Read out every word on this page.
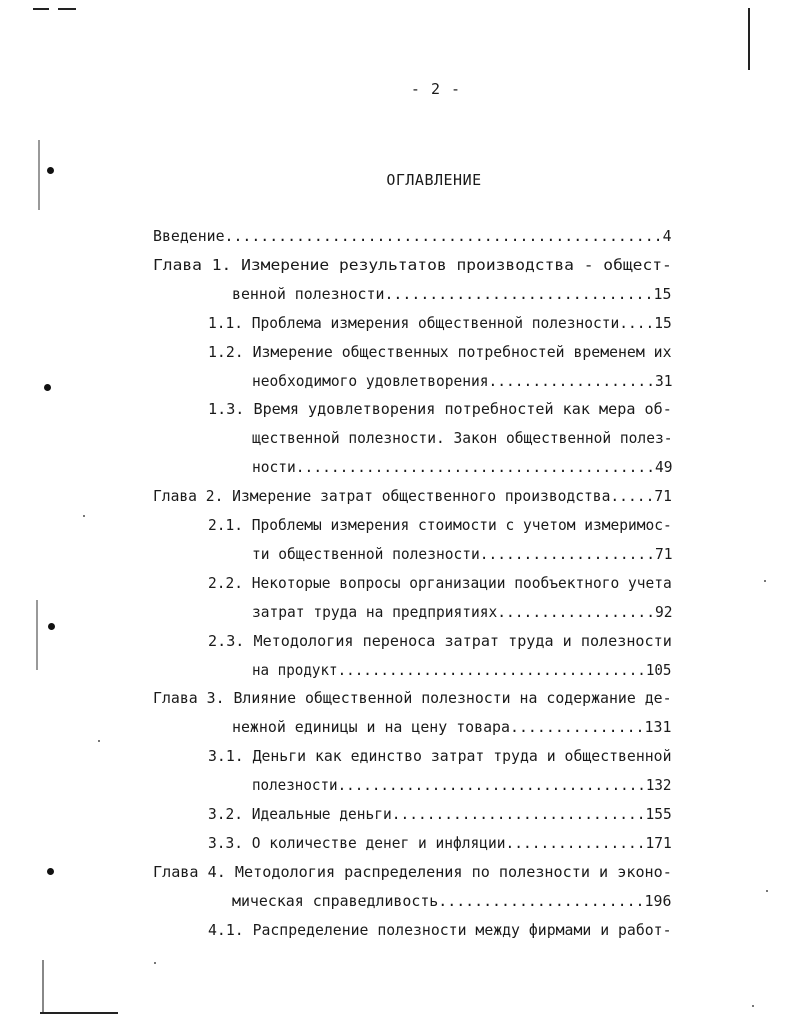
- 2 -
ОГЛАВЛЕНИЕ
Введение.................................................4
Глава 1. Измерение результатов производства - общест-
венной полезности..............................15
1.1. Проблема измерения общественной полезности....15
1.2. Измерение общественных потребностей временем их
необходимого удовлетворения...................31
1.3. Время удовлетворения потребностей как мера об-
щественной полезности. Закон общественной полез-
ности.........................................49
Глава 2. Измерение затрат общественного производства.....71
2.1. Проблемы измерения стоимости с учетом измеримос-
ти общественной полезности....................71
2.2. Некоторые вопросы организации пообъектного учета
затрат труда на предприятиях..................92
2.3. Методология переноса затрат труда и полезности
на продукт....................................105
Глава 3. Влияние общественной полезности на содержание де-
нежной единицы и на цену товара...............131
3.1. Деньги как единство затрат труда и общественной
полезности....................................132
3.2. Идеальные деньги.............................155
3.3. О количестве денег и инфляции................171
Глава 4. Методология распределения по полезности и эконо-
мическая справедливость.......................196
4.1. Распределение полезности между фирмами и работ-
